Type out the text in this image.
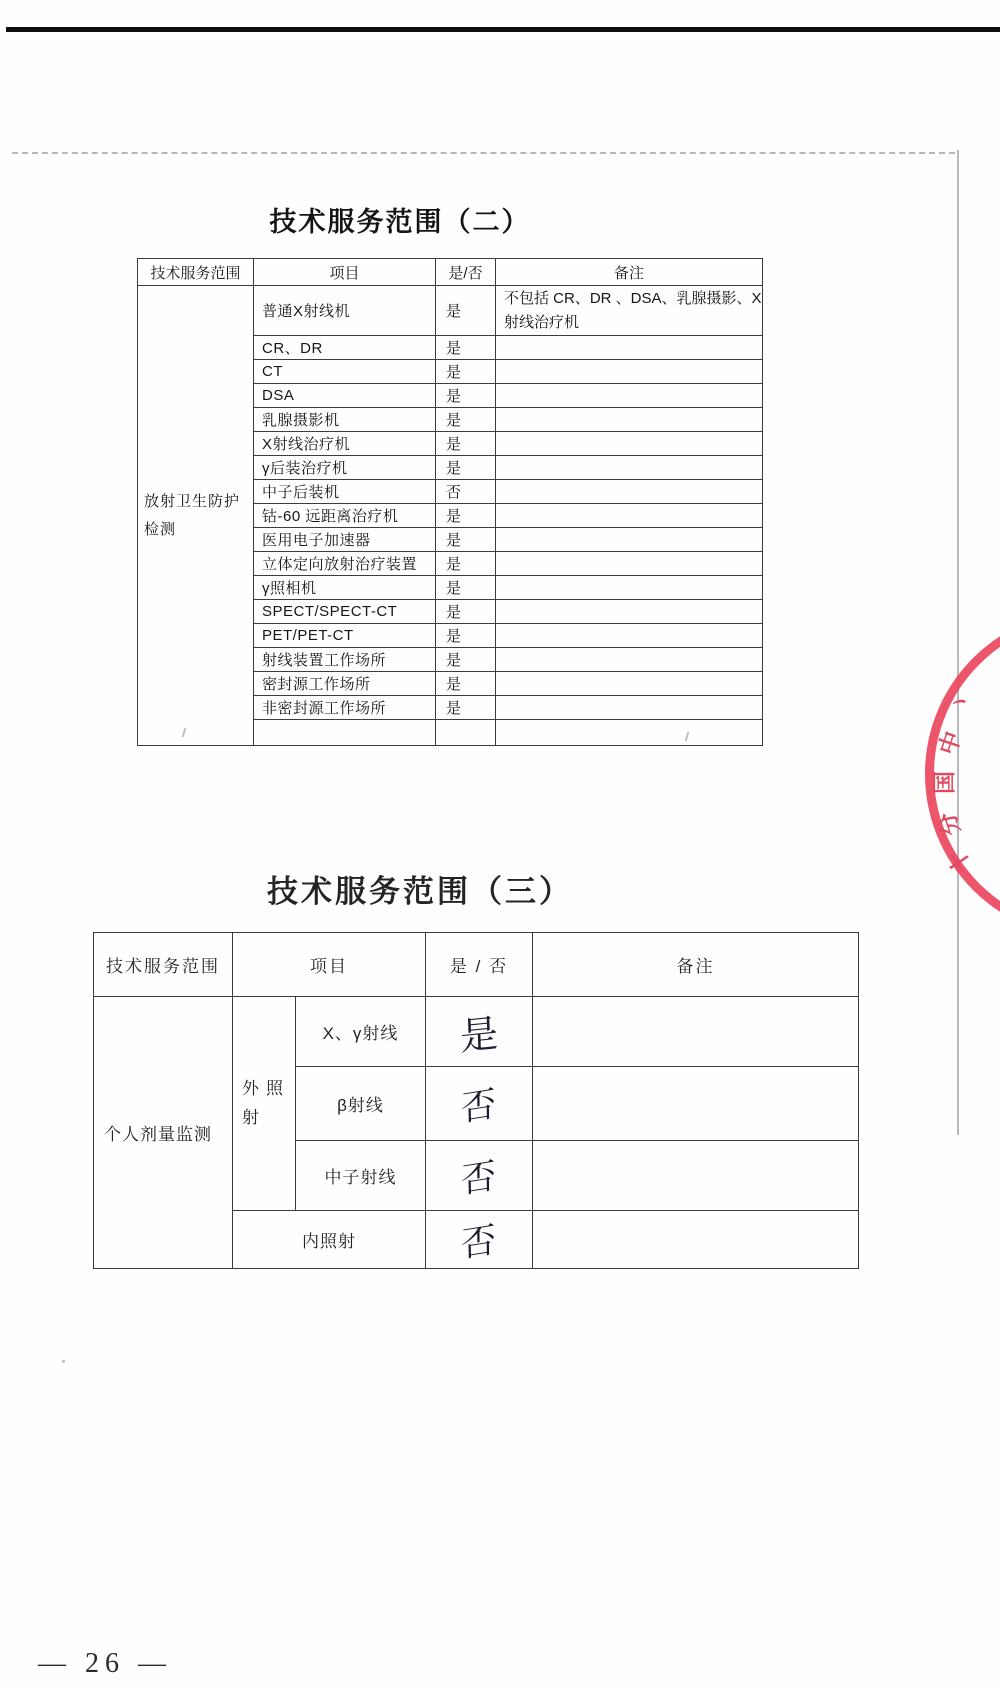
技术服务范围（二）
技术服务范围	项目	是/否	备注
放射卫生防护检测	普通X射线机	是	不包括 CR、DR 、DSA、乳腺摄影、X
射线治疗机

	CR、DR	是	
	CT	是	
	DSA	是	
	乳腺摄影机	是	
	X射线治疗机	是	
	γ后装治疗机	是	
	中子后装机	否	
	钴-60 远距离治疗机	是	
	医用电子加速器	是	
	立体定向放射治疗装置	是	
	γ照相机	是	
	SPECT/SPECT-CT	是	
	PET/PET-CT	是	
	射线装置工作场所	是	
	密封源工作场所	是	
	非密封源工作场所	是	
			丶
中
国
分
十
技术服务范围（三）
技术服务范围	项目		是 / 否	备注
个人剂量监测	外照射	X、γ射线	是	
		β射线	否	
		中子射线	否	
	内照射		否	
— 26 —
